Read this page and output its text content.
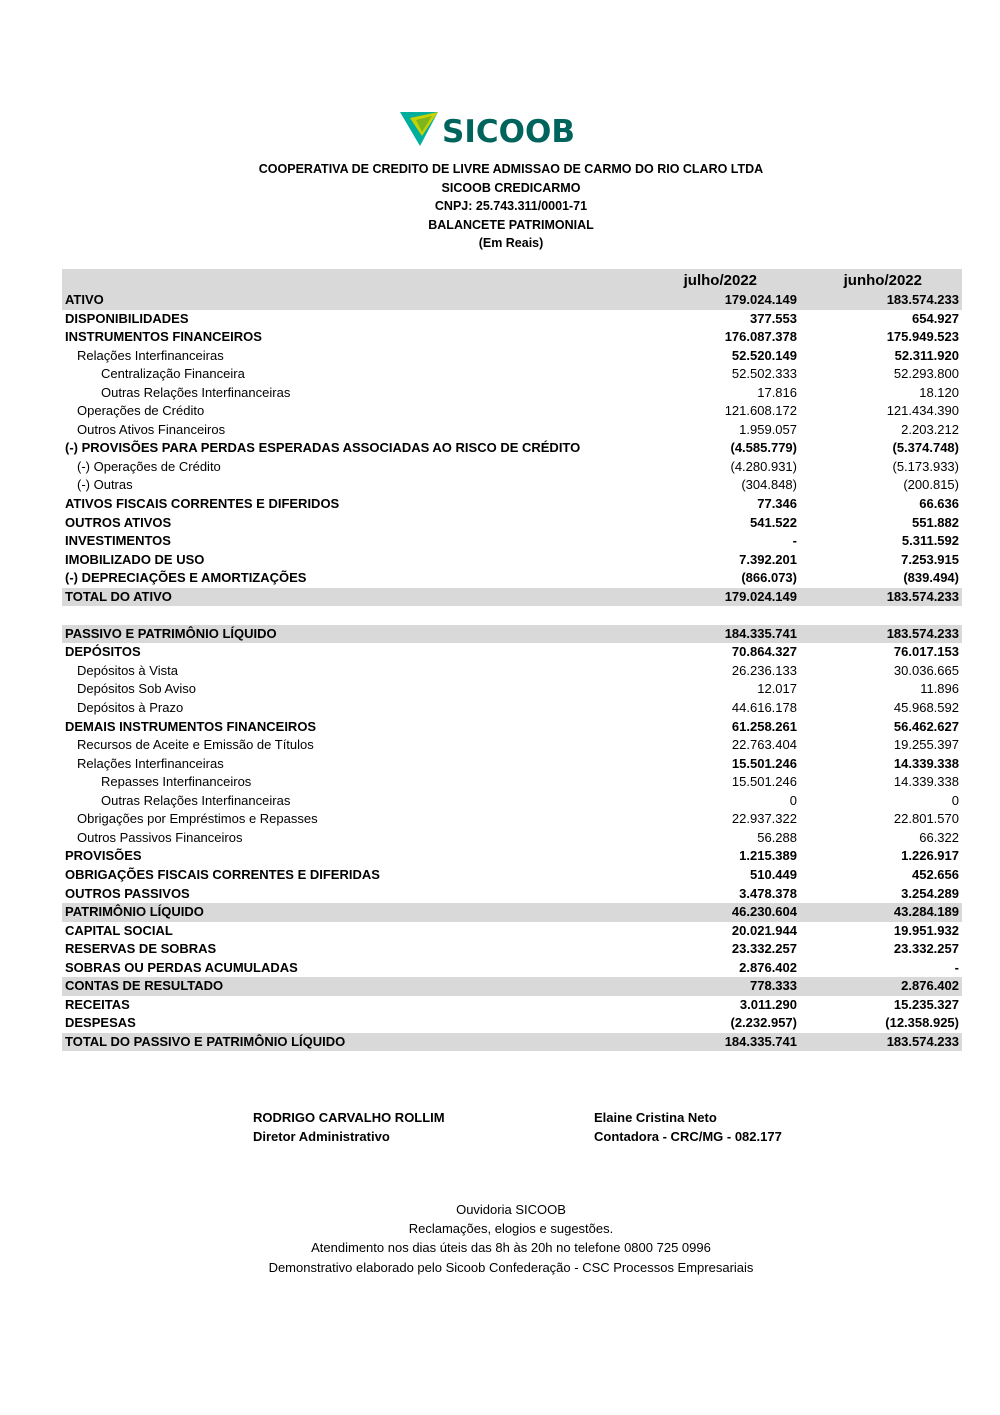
SICOOB
COOPERATIVA DE CREDITO DE LIVRE ADMISSAO DE CARMO DO RIO CLARO LTDA
SICOOB CREDICARMO
CNPJ: 25.743.311/0001-71
BALANCETE PATRIMONIAL
(Em Reais)
julho/2022	junho/2022
ATIVO	179.024.149	183.574.233
DISPONIBILIDADES	377.553	654.927
INSTRUMENTOS FINANCEIROS	176.087.378	175.949.523
Relações Interfinanceiras	52.520.149	52.311.920
Centralização Financeira	52.502.333	52.293.800
Outras Relações Interfinanceiras	17.816	18.120
Operações de Crédito	121.608.172	121.434.390
Outros Ativos Financeiros	1.959.057	2.203.212
(-) PROVISÕES PARA PERDAS ESPERADAS ASSOCIADAS AO RISCO DE CRÉDITO	(4.585.779)	(5.374.748)
(-) Operações de Crédito	(4.280.931)	(5.173.933)
(-) Outras	(304.848)	(200.815)
ATIVOS FISCAIS CORRENTES E DIFERIDOS	77.346	66.636
OUTROS ATIVOS	541.522	551.882
INVESTIMENTOS	-	5.311.592
IMOBILIZADO DE USO	7.392.201	7.253.915
(-) DEPRECIAÇÕES E AMORTIZAÇÕES	(866.073)	(839.494)
TOTAL DO ATIVO	179.024.149	183.574.233
PASSIVO E PATRIMÔNIO LÍQUIDO	184.335.741	183.574.233
DEPÓSITOS	70.864.327	76.017.153
Depósitos à Vista	26.236.133	30.036.665
Depósitos Sob Aviso	12.017	11.896
Depósitos à Prazo	44.616.178	45.968.592
DEMAIS INSTRUMENTOS FINANCEIROS	61.258.261	56.462.627
Recursos de Aceite e Emissão de Títulos	22.763.404	19.255.397
Relações Interfinanceiras	15.501.246	14.339.338
Repasses Interfinanceiros	15.501.246	14.339.338
Outras Relações Interfinanceiras	0	0
Obrigações por Empréstimos e Repasses	22.937.322	22.801.570
Outros Passivos Financeiros	56.288	66.322
PROVISÕES	1.215.389	1.226.917
OBRIGAÇÕES FISCAIS CORRENTES E DIFERIDAS	510.449	452.656
OUTROS PASSIVOS	3.478.378	3.254.289
PATRIMÔNIO LÍQUIDO	46.230.604	43.284.189
CAPITAL SOCIAL	20.021.944	19.951.932
RESERVAS DE SOBRAS	23.332.257	23.332.257
SOBRAS OU PERDAS ACUMULADAS	2.876.402	-
CONTAS DE RESULTADO	778.333	2.876.402
RECEITAS	3.011.290	15.235.327
DESPESAS	(2.232.957)	(12.358.925)
TOTAL DO PASSIVO E PATRIMÔNIO LÍQUIDO	184.335.741	183.574.233
RODRIGO CARVALHO ROLLIM
Diretor Administrativo
Elaine Cristina Neto
Contadora - CRC/MG - 082.177
Ouvidoria SICOOB
Reclamações, elogios e sugestões.
Atendimento nos dias úteis das 8h às 20h no telefone 0800 725 0996
Demonstrativo elaborado pelo Sicoob Confederação - CSC Processos Empresariais
